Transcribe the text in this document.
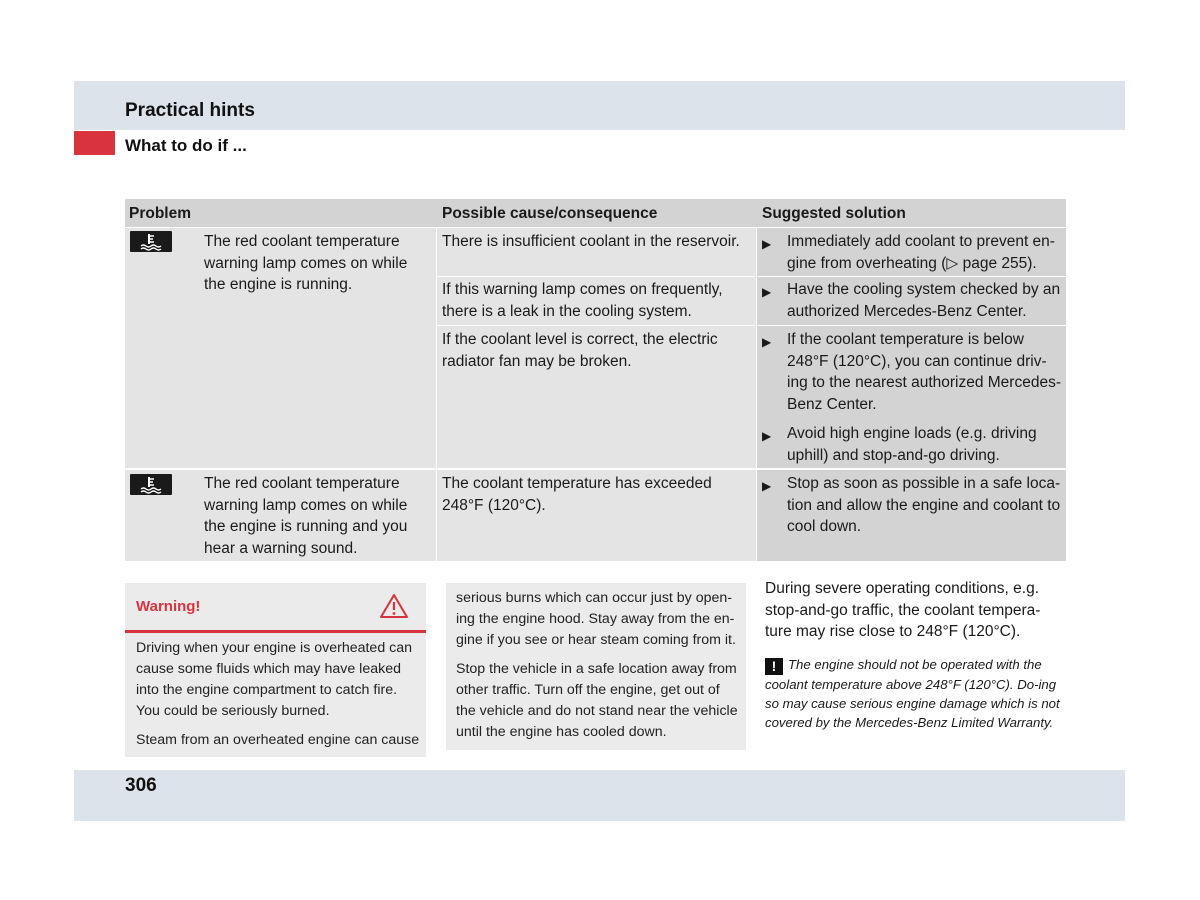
Practical hints
What to do if ...
Problem	Possible cause/consequence	Suggested solution
The red coolant temperature warning lamp comes on while the engine is running.
There is insufficient coolant in the reservoir.
If this warning lamp comes on frequently, there is a leak in the cooling system.
If the coolant level is correct, the electric radiator fan may be broken.
▶ Immediately add coolant to prevent en-gine from overheating (▷ page 255).
▶ Have the cooling system checked by an authorized Mercedes-Benz Center.
▶ If the coolant temperature is below 248°F (120°C), you can continue driv-ing to the nearest authorized Mercedes-Benz Center.
▶ Avoid high engine loads (e.g. driving uphill) and stop-and-go driving.
The red coolant temperature warning lamp comes on while the engine is running and you hear a warning sound.
The coolant temperature has exceeded 248°F (120°C).
▶ Stop as soon as possible in a safe loca-tion and allow the engine and coolant to cool down.
Warning!
Driving when your engine is overheated can cause some fluids which may have leaked into the engine compartment to catch fire. You could be seriously burned.
Steam from an overheated engine can cause
serious burns which can occur just by open-ing the engine hood. Stay away from the en-gine if you see or hear steam coming from it.
Stop the vehicle in a safe location away from other traffic. Turn off the engine, get out of the vehicle and do not stand near the vehicle until the engine has cooled down.
During severe operating conditions, e.g. stop-and-go traffic, the coolant tempera-ture may rise close to 248°F (120°C).
! The engine should not be operated with the coolant temperature above 248°F (120°C). Do-ing so may cause serious engine damage which is not covered by the Mercedes-Benz Limited Warranty.
306
